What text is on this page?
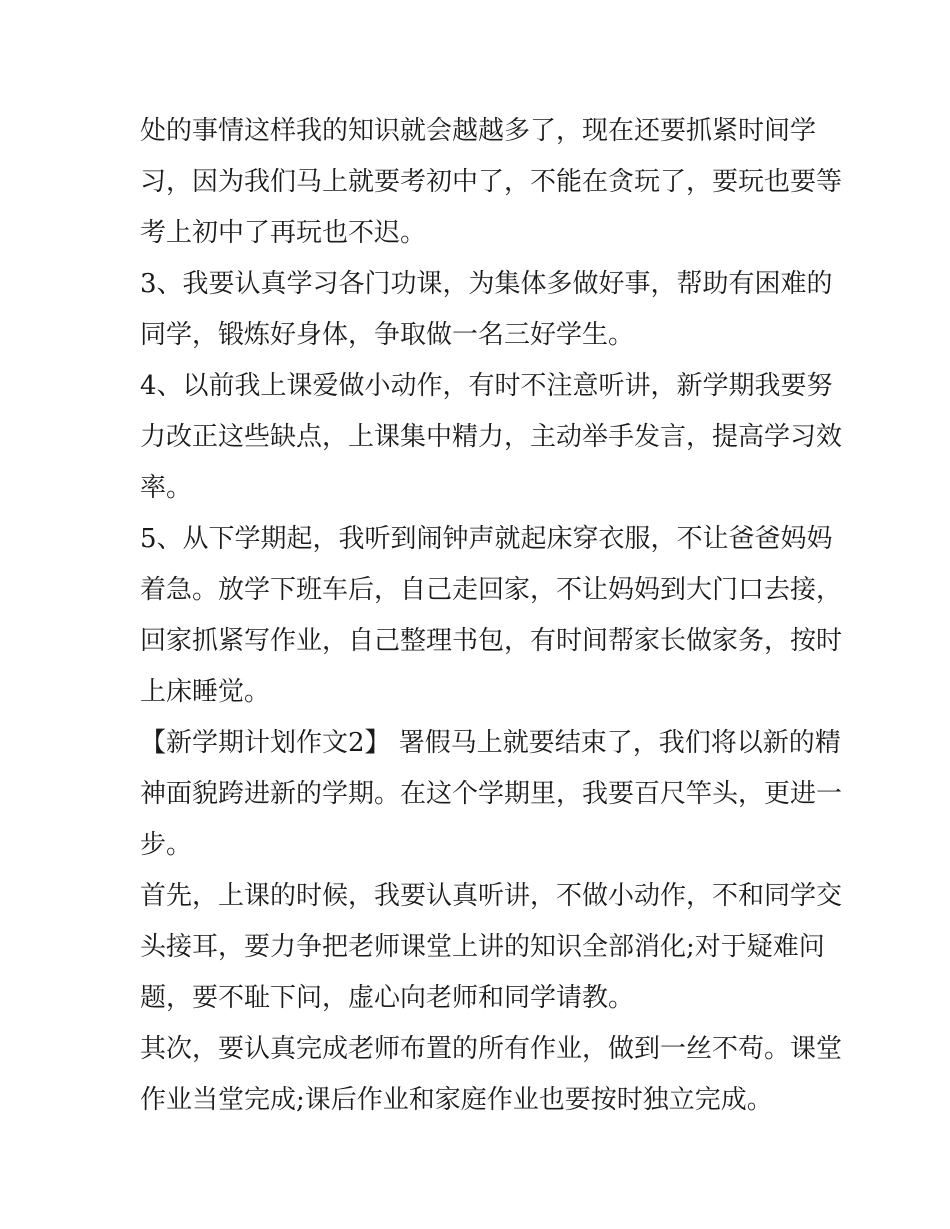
处的事情这样我的知识就会越越多了，现在还要抓紧时间学
习，因为我们马上就要考初中了，不能在贪玩了，要玩也要等
考上初中了再玩也不迟。

3、我要认真学习各门功课，为集体多做好事，帮助有困难的
同学，锻炼好身体，争取做一名三好学生。

4、以前我上课爱做小动作，有时不注意听讲，新学期我要努
力改正这些缺点，上课集中精力，主动举手发言，提高学习效
率。

5、从下学期起，我听到闹钟声就起床穿衣服，不让爸爸妈妈
着急。放学下班车后，自己走回家，不让妈妈到大门口去接，
回家抓紧写作业，自己整理书包，有时间帮家长做家务，按时
上床睡觉。

【新学期计划作文2】 署假马上就要结束了，我们将以新的精
神面貌跨进新的学期。在这个学期里，我要百尺竿头，更进一
步。

首先，上课的时候，我要认真听讲，不做小动作，不和同学交
头接耳，要力争把老师课堂上讲的知识全部消化;对于疑难问
题，要不耻下问，虚心向老师和同学请教。

其次，要认真完成老师布置的所有作业，做到一丝不苟。课堂
作业当堂完成;课后作业和家庭作业也要按时独立完成。
